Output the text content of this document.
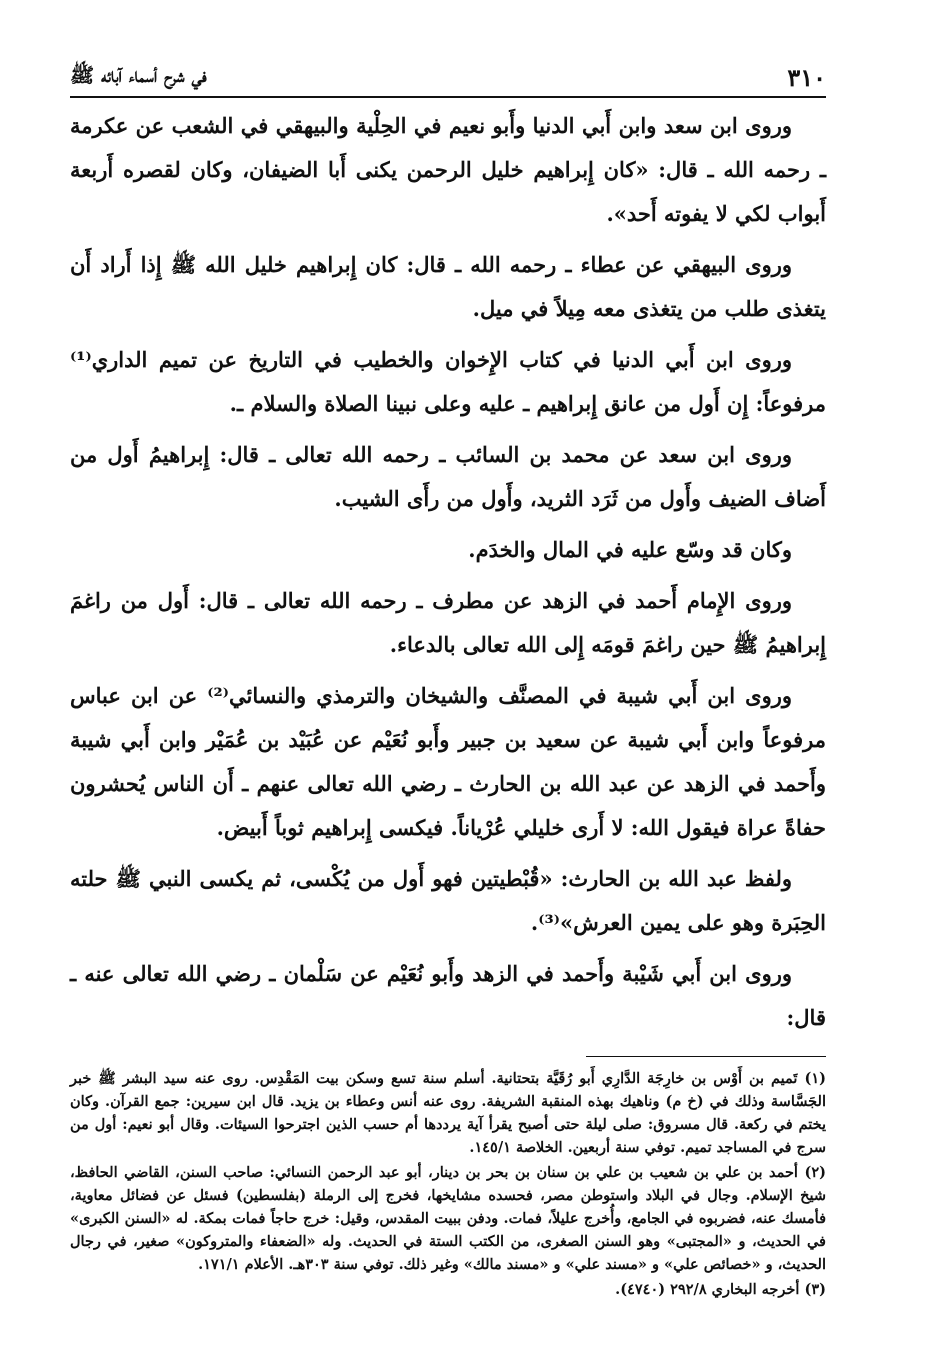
٣١٠
في شرح أسماء آبائه ﷺ

وروى ابن سعد وابن أَبي الدنيا وأَبو نعيم في الحِلْية والبيهقي في الشعب عن عكرمة ـ رحمه الله ـ قال: «كان إِبراهيم خليل الرحمن يكنى أَبا الضيفان، وكان لقصره أَربعة أَبواب لكي لا يفوته أَحد».

وروى البيهقي عن عطاء ـ رحمه الله ـ قال: كان إِبراهيم خليل الله ﷺ إِذا أَراد أَن يتغذى طلب من يتغذى معه مِيلاً في ميل.

وروى ابن أَبي الدنيا في كتاب الإِخوان والخطيب في التاريخ عن تميم الداري⁽¹⁾ مرفوعاً: إِن أَول من عانق إِبراهيم ـ عليه وعلى نبينا الصلاة والسلام ـ.

وروى ابن سعد عن محمد بن السائب ـ رحمه الله تعالى ـ قال: إِبراهيمُ أَول من أَضاف الضيف وأَول من ثَرَد الثريد، وأَول من رأَى الشيب.

وكان قد وسّع عليه في المال والخدَم.

وروى الإِمام أَحمد في الزهد عن مطرف ـ رحمه الله تعالى ـ قال: أَول من راغمَ إِبراهيمُ ﷺ حين راغمَ قومَه إِلى الله تعالى بالدعاء.

وروى ابن أَبي شيبة في المصنَّف والشيخان والترمذي والنسائي⁽²⁾ عن ابن عباس مرفوعاً وابن أَبي شيبة عن سعيد بن جبير وأَبو نُعَيْم عن عُبَيْد بن عُمَيْر وابن أَبي شيبة وأَحمد في الزهد عن عبد الله بن الحارث ـ رضي الله تعالى عنهم ـ أَن الناس يُحشرون حفاةً عراة فيقول الله: لا أَرى خليلي عُرْياناً. فيكسى إِبراهيم ثوباً أَبيض.

ولفظ عبد الله بن الحارث: «قُبْطيتين فهو أَول من يُكْسى، ثم يكسى النبي ﷺ حلته الحِبَرة وهو على يمين العرش»⁽³⁾.

وروى ابن أَبي شَيْبة وأَحمد في الزهد وأَبو نُعَيْم عن سَلْمان ـ رضي الله تعالى عنه ـ قال:

(١) تَميم بن أَوْس بن خارِجَة الدَّارِي أَبو رُقَيَّة بتحتانية. أسلم سنة تسع وسكن بيت المَقْدِس. روى عنه سيد البشر ﷺ خبر الجَسَّاسة وذلك في (خ م) وناهيك بهذه المنقبة الشريفة. روى عنه أنس وعطاء بن يزيد. قال ابن سيرين: جمع القرآن. وكان يختم في ركعة. قال مسروق: صلى ليلة حتى أصبح يقرأ آية يرددها أم حسب الذين اجترحوا السيئات. وقال أبو نعيم: أول من سرج في المساجد تميم. توفي سنة أربعين. الخلاصة ١٤٥/١.

(٢) أحمد بن علي بن شعيب بن علي بن سنان بن بحر بن دينار، أبو عبد الرحمن النسائي: صاحب السنن، القاضي الحافظ، شيخ الإسلام. وجال في البلاد واستوطن مصر، فحسده مشايخها، فخرج إلى الرملة (بفلسطين) فسئل عن فضائل معاوية، فأمسك عنه، فضربوه في الجامع، وأُخرج عليلاً، فمات. ودفن ببيت المقدس، وقيل: خرج حاجاً فمات بمكة. له «السنن الكبرى» في الحديث، و «المجتبى» وهو السنن الصغرى، من الكتب الستة في الحديث. وله «الضعفاء والمتروكون» صغير، في رجال الحديث، و «خصائص علي» و «مسند علي» و «مسند مالك» وغير ذلك. توفي سنة ٣٠٣هـ. الأعلام ١٧١/١.

(٣) أخرجه البخاري ٢٩٢/٨ (٤٧٤٠).
